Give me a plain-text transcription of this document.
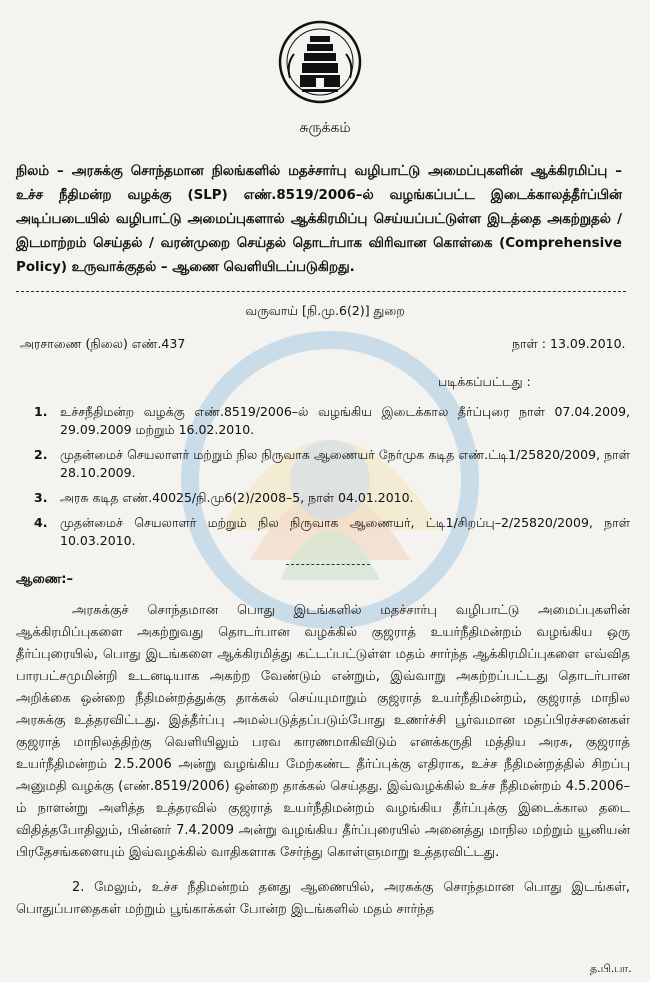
சுருக்கம்
நிலம் – அரசுக்கு சொந்தமான நிலங்களில் மதச்சார்பு வழிபாட்டு அமைப்புகளின் ஆக்கிரமிப்பு – உச்ச நீதிமன்ற வழக்கு (SLP) எண்.8519/2006–ல் வழங்கப்பட்ட இடைக்காலத்தீர்ப்பின் அடிப்படையில் வழிபாட்டு அமைப்புகளால் ஆக்கிரமிப்பு செய்யப்பட்டுள்ள இடத்தை அகற்றுதல் / இடமாற்றம் செய்தல் / வரன்முறை செய்தல் தொடர்பாக விரிவான கொள்கை (Comprehensive Policy) உருவாக்குதல் – ஆணை வெளியிடப்படுகிறது.
வருவாய் [நி.மு.6(2)] துறை
அரசாணை (நிலை) எண்.437	நாள் : 13.09.2010.
படிக்கப்பட்டது :
1.	உச்சநீதிமன்ற வழக்கு எண்.8519/2006–ல் வழங்கிய இடைக்கால தீர்ப்புரை நாள் 07.04.2009, 29.09.2009 மற்றும் 16.02.2010.
2.	முதன்மைச் செயலாளர் மற்றும் நில நிருவாக ஆணையர் நேர்முக கடித எண்.ட்டி1/25820/2009, நாள் 28.10.2009.
3.	அரசு கடித எண்.40025/நி.மு6(2)/2008–5, நாள் 04.01.2010.
4.	முதன்மைச் செயலாளர் மற்றும் நில நிருவாக ஆணையர், ட்டி1/சிறப்பு–2/25820/2009, நாள் 10.03.2010.
ஆணை:–
அரசுக்குச் சொந்தமான பொது இடங்களில் மதச்சார்பு வழிபாட்டு அமைப்புகளின் ஆக்கிரமிப்புகளை அகற்றுவது தொடர்பான வழக்கில் குஜராத் உயர்நீதிமன்றம் வழங்கிய ஒரு தீர்ப்புரையில், பொது இடங்களை ஆக்கிரமித்து கட்டப்பட்டுள்ள மதம் சார்ந்த ஆக்கிரமிப்புகளை எவ்வித பாரபட்சமுமின்றி உடனடியாக அகற்ற வேண்டும் என்றும், இவ்வாறு அகற்றப்பட்டது தொடர்பான அறிக்கை ஒன்றை நீதிமன்றத்துக்கு தாக்கல் செய்யுமாறும் குஜராத் உயர்நீதிமன்றம், குஜராத் மாநில அரசுக்கு உத்தரவிட்டது. இத்தீர்ப்பு அமல்படுத்தப்படும்போது உணர்ச்சி பூர்வமான மதப்பிரச்சனைகள் குஜராத் மாநிலத்திற்கு வெளியிலும் பரவ காரணமாகிவிடும் எனக்கருதி மத்திய அரசு, குஜராத் உயர்நீதிமன்றம் 2.5.2006 அன்று வழங்கிய மேற்கண்ட தீர்ப்புக்கு எதிராக, உச்ச நீதிமன்றத்தில் சிறப்பு அனுமதி வழக்கு (எண்.8519/2006) ஒன்றை தாக்கல் செய்தது. இவ்வழக்கில் உச்ச நீதிமன்றம் 4.5.2006–ம் நாளன்று அளித்த உத்தரவில் குஜராத் உயர்நீதிமன்றம் வழங்கிய தீர்ப்புக்கு இடைக்கால தடை விதித்தபோதிலும், பின்னர் 7.4.2009 அன்று வழங்கிய தீர்ப்புரையில் அனைத்து மாநில மற்றும் யூனியன் பிரதேசங்களையும் இவ்வழக்கில் வாதிகளாக சேர்ந்து கொள்ளுமாறு உத்தரவிட்டது.
2. மேலும், உச்ச நீதிமன்றம் தனது ஆணையில், அரசுக்கு சொந்தமான பொது இடங்கள், பொதுப்பாதைகள் மற்றும் பூங்காக்கள் போன்ற இடங்களில் மதம் சார்ந்த
த.பி.பா.
